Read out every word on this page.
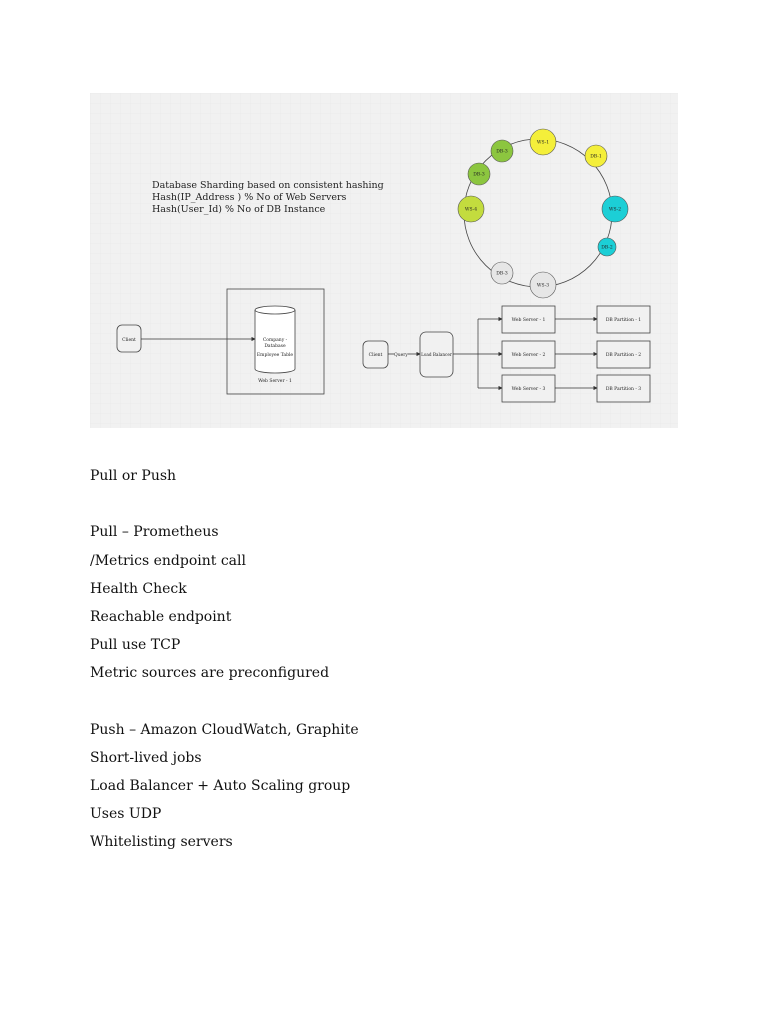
Database Sharding based on consistent hashing
Hash(IP_Address ) % No of Web Servers
Hash(User_Id) % No of DB Instance
WS-1
DB-1
WS-2
DB-2
WS-3
DB-3
WS-4
DB-3
DB-3
Client	Company -
Database
Employee Table
Web Server - 1
Client	Query	Load Balancer
Web Server - 1
Web Server - 2
Web Server - 3
DB Partition - 1
DB Partition - 2
DB Partition - 3
Pull or Push
Pull – Prometheus
/Metrics endpoint call
Health Check
Reachable endpoint
Pull use TCP
Metric sources are preconfigured
Push – Amazon CloudWatch, Graphite
Short-lived jobs
Load Balancer + Auto Scaling group
Uses UDP
Whitelisting servers
